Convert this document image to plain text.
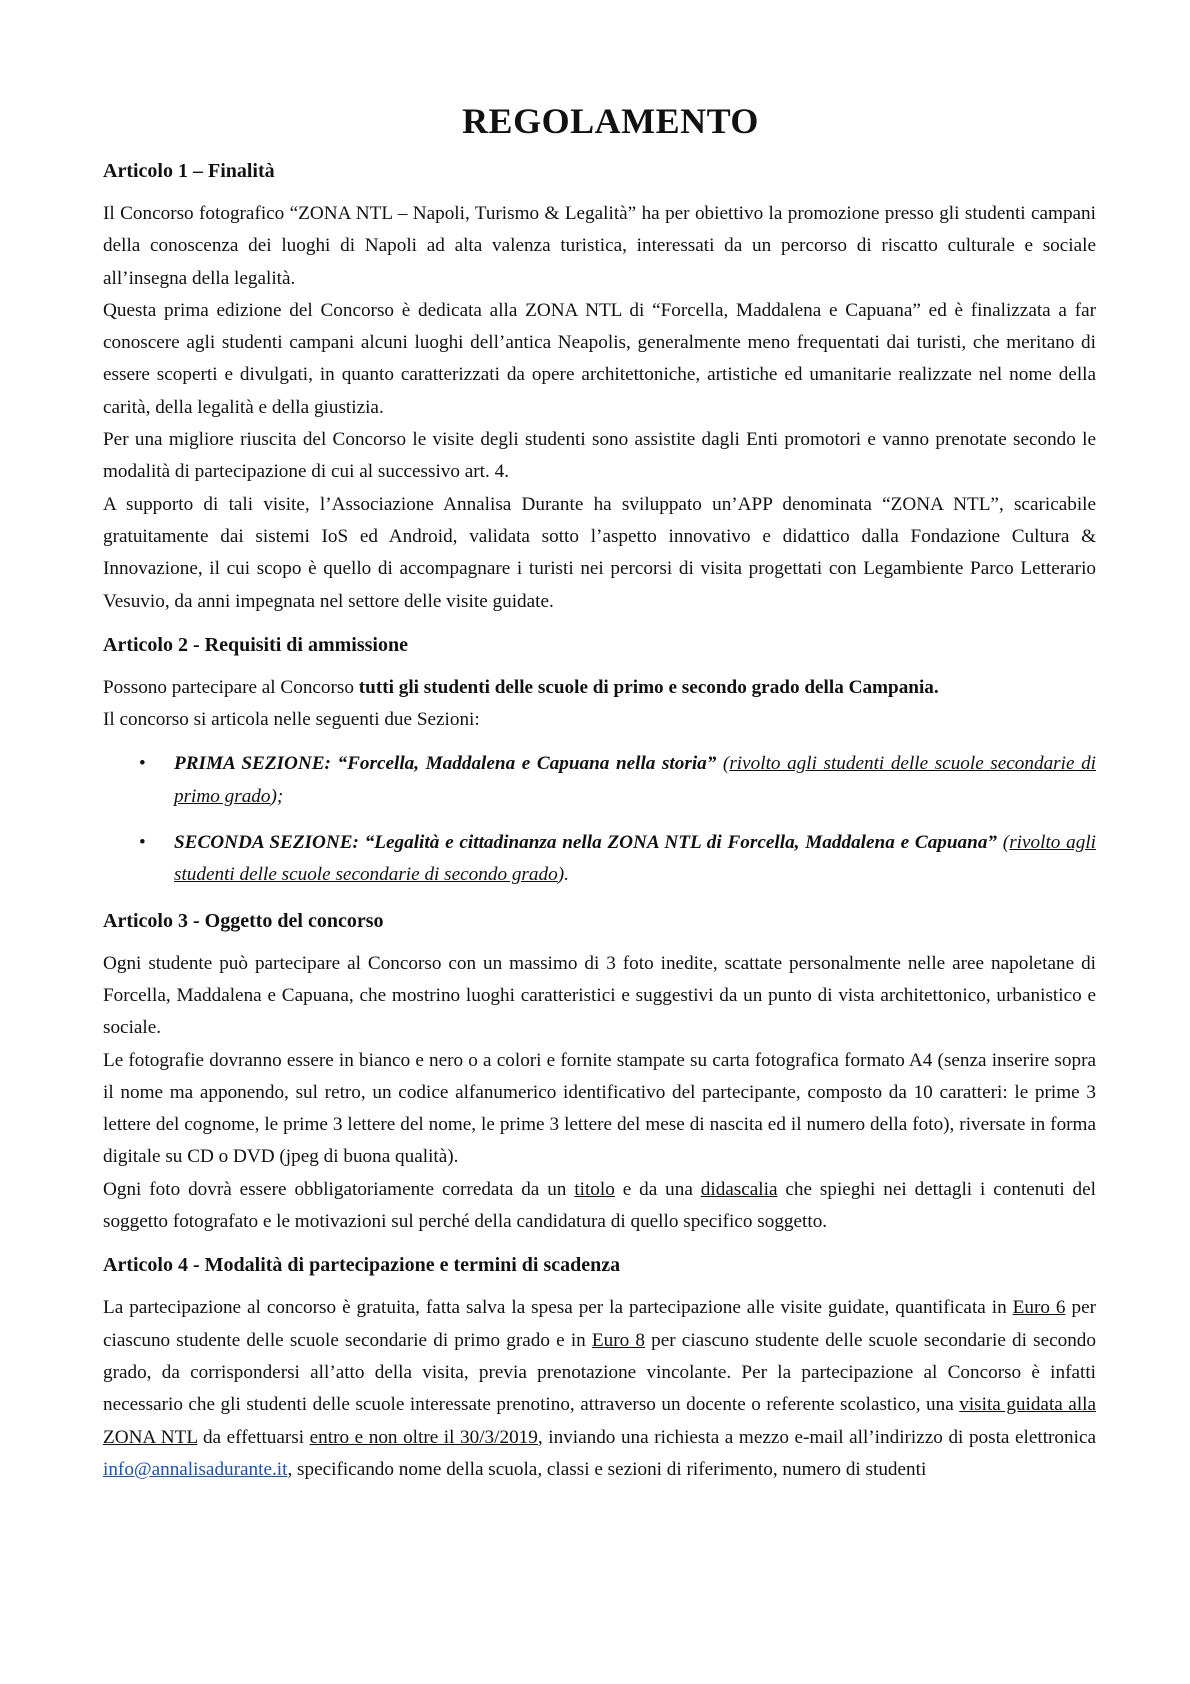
REGOLAMENTO
Articolo 1 – Finalità

Il Concorso fotografico “ZONA NTL – Napoli, Turismo & Legalità” ha per obiettivo la promozione presso gli studenti campani della conoscenza dei luoghi di Napoli ad alta valenza turistica, interessati da un percorso di riscatto culturale e sociale all’insegna della legalità.

Questa prima edizione del Concorso è dedicata alla ZONA NTL di “Forcella, Maddalena e Capuana” ed è finalizzata a far conoscere agli studenti campani alcuni luoghi dell’antica Neapolis, generalmente meno frequentati dai turisti, che meritano di essere scoperti e divulgati, in quanto caratterizzati da opere architettoniche, artistiche ed umanitarie realizzate nel nome della carità, della legalità e della giustizia.

Per una migliore riuscita del Concorso le visite degli studenti sono assistite dagli Enti promotori e vanno prenotate secondo le modalità di partecipazione di cui al successivo art. 4.

A supporto di tali visite, l’Associazione Annalisa Durante ha sviluppato un’APP denominata “ZONA NTL”, scaricabile gratuitamente dai sistemi IoS ed Android, validata sotto l’aspetto innovativo e didattico dalla Fondazione Cultura & Innovazione, il cui scopo è quello di accompagnare i turisti nei percorsi di visita progettati con Legambiente Parco Letterario Vesuvio, da anni impegnata nel settore delle visite guidate.

Articolo 2 - Requisiti di ammissione

Possono partecipare al Concorso tutti gli studenti delle scuole di primo e secondo grado della Campania.

Il concorso si articola nelle seguenti due Sezioni:

• PRIMA SEZIONE: “Forcella, Maddalena e Capuana nella storia” (rivolto agli studenti delle scuole secondarie di primo grado);
• SECONDA SEZIONE: “Legalità e cittadinanza nella ZONA NTL di Forcella, Maddalena e Capuana” (rivolto agli studenti delle scuole secondarie di secondo grado).
Articolo 3 - Oggetto del concorso

Ogni studente può partecipare al Concorso con un massimo di 3 foto inedite, scattate personalmente nelle aree napoletane di Forcella, Maddalena e Capuana, che mostrino luoghi caratteristici e suggestivi da un punto di vista architettonico, urbanistico e sociale.

Le fotografie dovranno essere in bianco e nero o a colori e fornite stampate su carta fotografica formato A4 (senza inserire sopra il nome ma apponendo, sul retro, un codice alfanumerico identificativo del partecipante, composto da 10 caratteri: le prime 3 lettere del cognome, le prime 3 lettere del nome, le prime 3 lettere del mese di nascita ed il numero della foto), riversate in forma digitale su CD o DVD (jpeg di buona qualità).

Ogni foto dovrà essere obbligatoriamente corredata da un titolo e da una didascalia che spieghi nei dettagli i contenuti del soggetto fotografato e le motivazioni sul perché della candidatura di quello specifico soggetto.

Articolo 4 - Modalità di partecipazione e termini di scadenza

La partecipazione al concorso è gratuita, fatta salva la spesa per la partecipazione alle visite guidate, quantificata in Euro 6 per ciascuno studente delle scuole secondarie di primo grado e in Euro 8 per ciascuno studente delle scuole secondarie di secondo grado, da corrispondersi all’atto della visita, previa prenotazione vincolante. Per la partecipazione al Concorso è infatti necessario che gli studenti delle scuole interessate prenotino, attraverso un docente o referente scolastico, una visita guidata alla ZONA NTL da effettuarsi entro e non oltre il 30/3/2019, inviando una richiesta a mezzo e-mail all’indirizzo di posta elettronica info@annalisadurante.it, specificando nome della scuola, classi e sezioni di riferimento, numero di studenti
